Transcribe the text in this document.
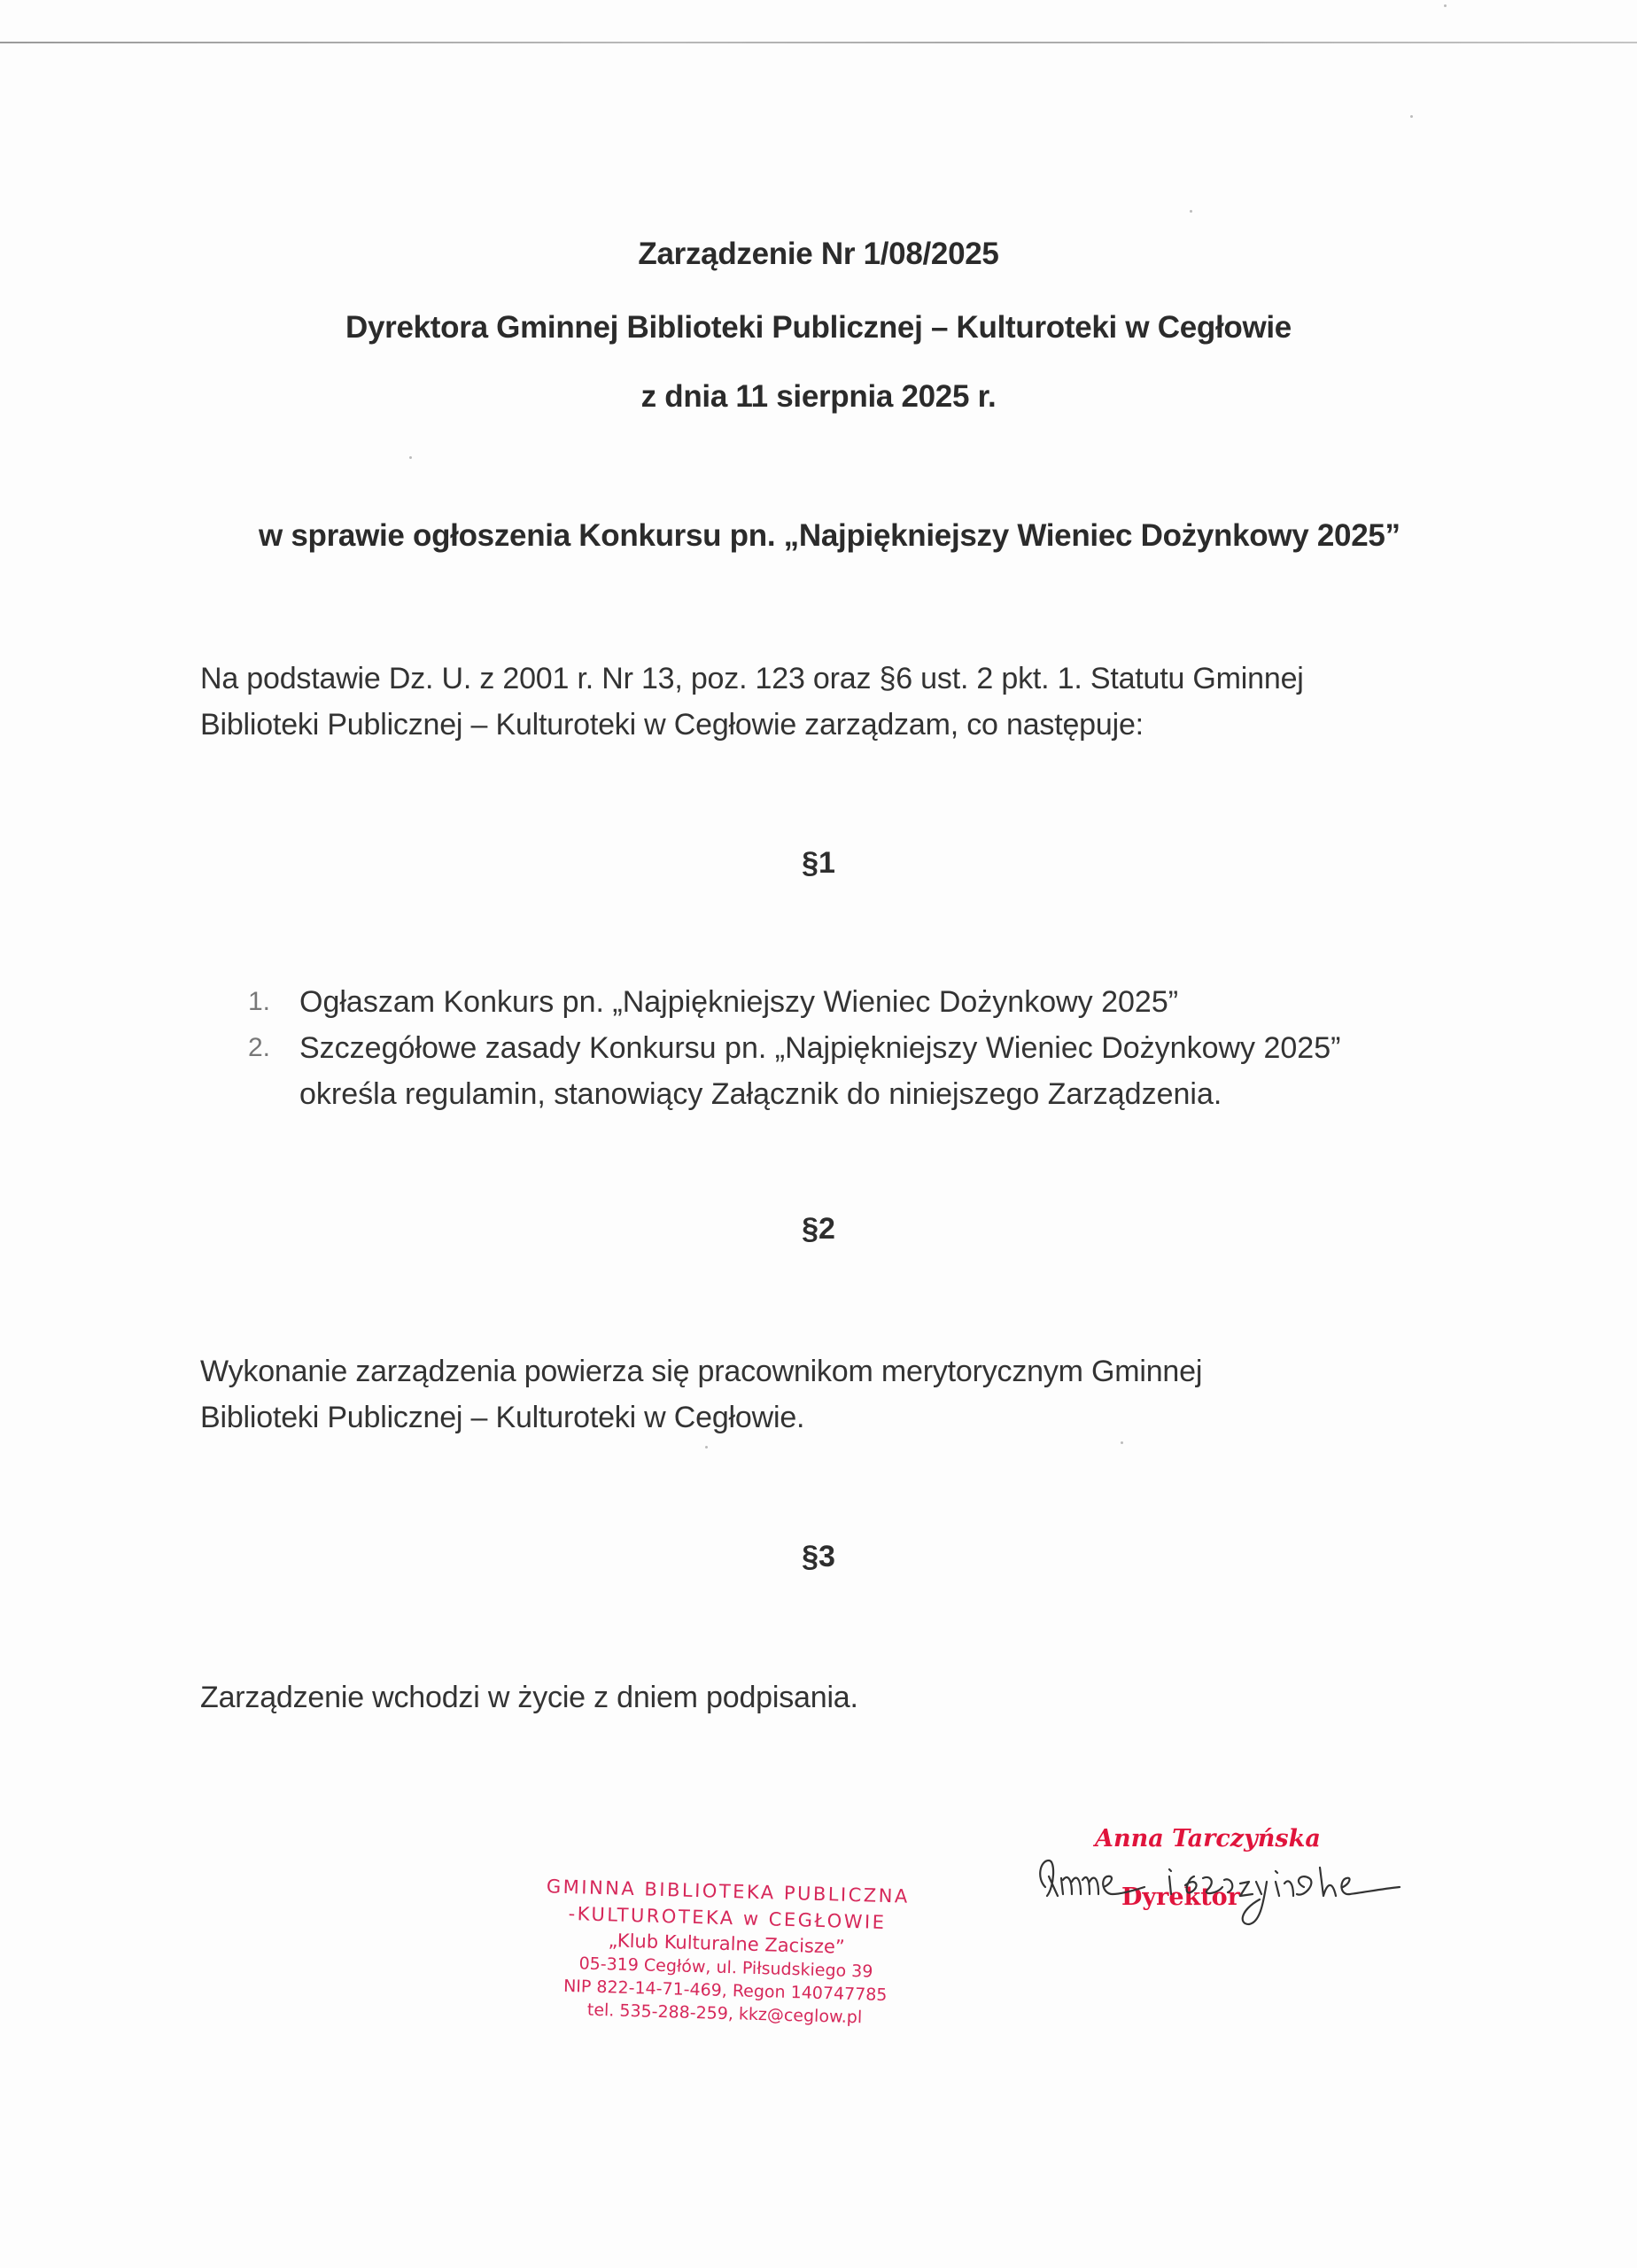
Zarządzenie Nr 1/08/2025
Dyrektora Gminnej Biblioteki Publicznej – Kulturoteki w Cegłowie
z dnia 11 sierpnia 2025 r.
w sprawie ogłoszenia Konkursu pn. „Najpiękniejszy Wieniec Dożynkowy 2025”
Na podstawie Dz. U. z 2001 r. Nr 13, poz. 123 oraz §6 ust. 2 pkt. 1. Statutu Gminnej
Biblioteki Publicznej – Kulturoteki w Cegłowie zarządzam, co następuje:
§1
1. Ogłaszam Konkurs pn. „Najpiękniejszy Wieniec Dożynkowy 2025”
2. Szczegółowe zasady Konkursu pn. „Najpiękniejszy Wieniec Dożynkowy 2025”
określa regulamin, stanowiący Załącznik do niniejszego Zarządzenia.
§2
Wykonanie zarządzenia powierza się pracownikom merytorycznym Gminnej
Biblioteki Publicznej – Kulturoteki w Cegłowie.
§3
Zarządzenie wchodzi w życie z dniem podpisania.
GMINNA BIBLIOTEKA PUBLICZNA
-KULTUROTEKA w CEGŁOWIE
„Klub Kulturalne Zacisze”
05-319 Cegłów, ul. Piłsudskiego 39
NIP 822-14-71-469, Regon 140747785
tel. 535-288-259, kkz@ceglow.pl
Anna Tarczyńska
Dyrektor
